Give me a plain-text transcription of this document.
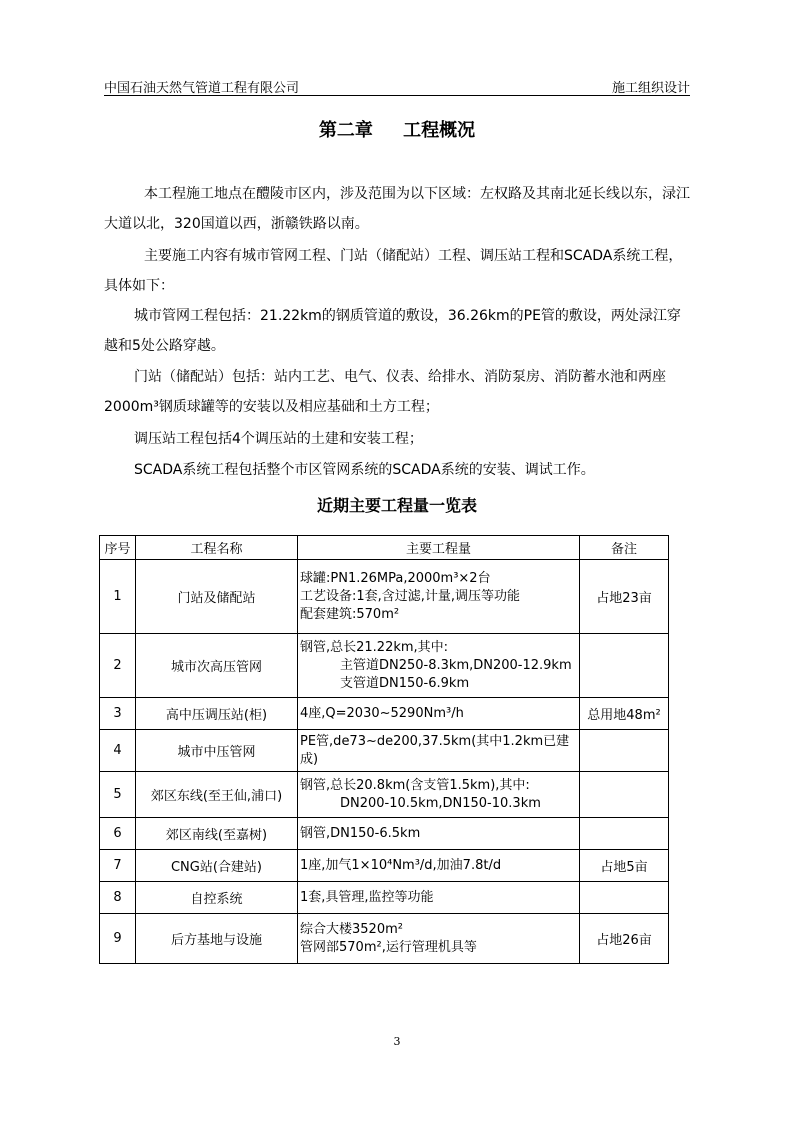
中国石油天然气管道工程有限公司	施工组织设计
第二章 工程概况
本工程施工地点在醴陵市区内，涉及范围为以下区域：左权路及其南北延长线以东，渌江大道以北，320国道以西，浙赣铁路以南。
主要施工内容有城市管网工程、门站（储配站）工程、调压站工程和SCADA系统工程，具体如下：
城市管网工程包括：21.22km的钢质管道的敷设，36.26km的PE管的敷设，两处渌江穿越和5处公路穿越。
门站（储配站）包括：站内工艺、电气、仪表、给排水、消防泵房、消防蓄水池和两座2000m³钢质球罐等的安装以及相应基础和土方工程；
调压站工程包括4个调压站的土建和安装工程；
SCADA系统工程包括整个市区管网系统的SCADA系统的安装、调试工作。
近期主要工程量一览表
序号	工程名称	主要工程量	备注
1	门站及储配站	球罐:PN1.26MPa,2000m³×2台
工艺设备:1套,含过滤,计量,调压等功能
配套建筑:570m²	占地23亩
2	城市次高压管网	钢管,总长21.22km,其中:
主管道DN250-8.3km,DN200-12.9km
支管道DN150-6.9km	

3	高中压调压站(柜)	4座,Q=2030~5290Nm³/h	总用地48m²
4	城市中压管网	PE管,de73~de200,37.5km(其中1.2km已建成)	

5	郊区东线(至王仙,浦口)	钢管,总长20.8km(含支管1.5km),其中:
DN200-10.5km,DN150-10.3km	

6	郊区南线(至嘉树)	钢管,DN150-6.5km	

7	CNG站(合建站)	1座,加气1×10⁴Nm³/d,加油7.8t/d	占地5亩
8	自控系统	1套,具管理,监控等功能	

9	后方基地与设施	综合大楼3520m²
管网部570m²,运行管理机具等	占地26亩
3
